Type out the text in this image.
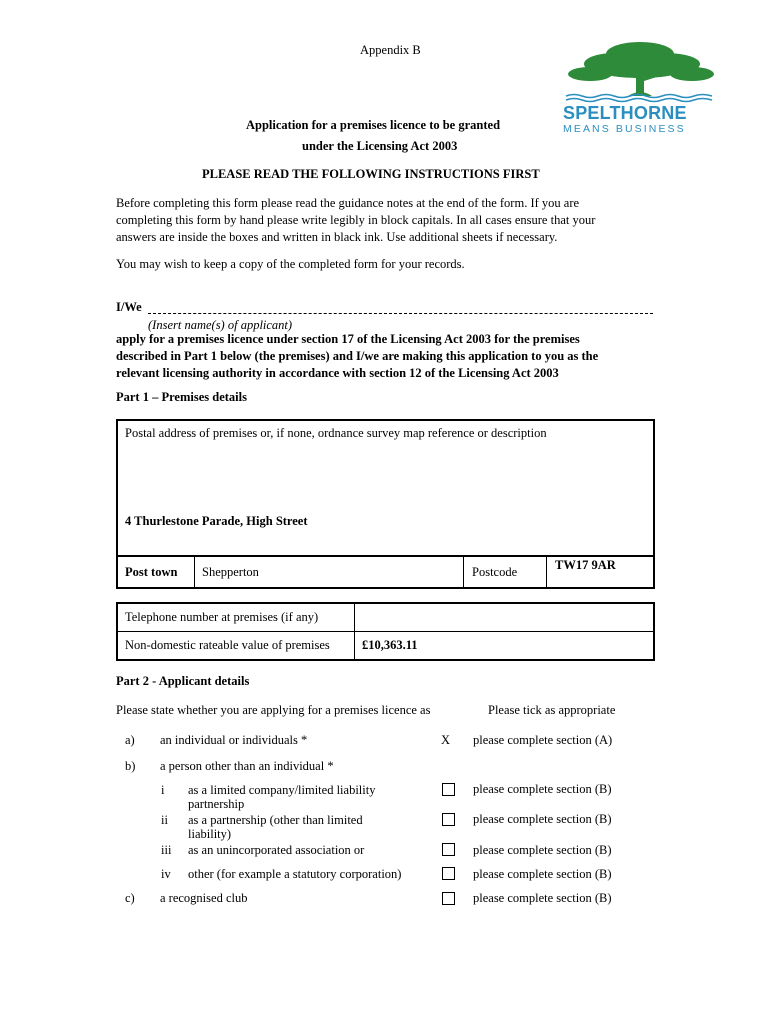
Appendix B
SPELTHORNE
MEANS BUSINESS
Application for a premises licence to be granted
under the Licensing Act 2003
PLEASE READ THE FOLLOWING INSTRUCTIONS FIRST
Before completing this form please read the guidance notes at the end of the form. If you are
completing this form by hand please write legibly in block capitals. In all cases ensure that your
answers are inside the boxes and written in black ink. Use additional sheets if necessary.
You may wish to keep a copy of the completed form for your records.
I/We
(Insert name(s) of applicant)
apply for a premises licence under section 17 of the Licensing Act 2003 for the premises
described in Part 1 below (the premises) and I/we are making this application to you as the
relevant licensing authority in accordance with section 12 of the Licensing Act 2003
Part 1 – Premises details
Postal address of premises or, if none, ordnance survey map reference or description
4 Thurlestone Parade, High Street
Post town Shepperton	Postcode	TW17 9AR
Telephone number at premises (if any)
Non-domestic rateable value of premises	£10,363.11
Part 2 - Applicant details
Please state whether you are applying for a premises licence as	Please tick as appropriate
a) an individual or individuals *	X please complete section (A)
b) a person other than an individual *
i as a limited company/limited liability partnership
please complete section (B)
ii as a partnership (other than limited liability)
please complete section (B)
iii as an unincorporated association or	please complete section (B)
iv other (for example a statutory corporation)	please complete section (B)
c) a recognised club	please complete section (B)
